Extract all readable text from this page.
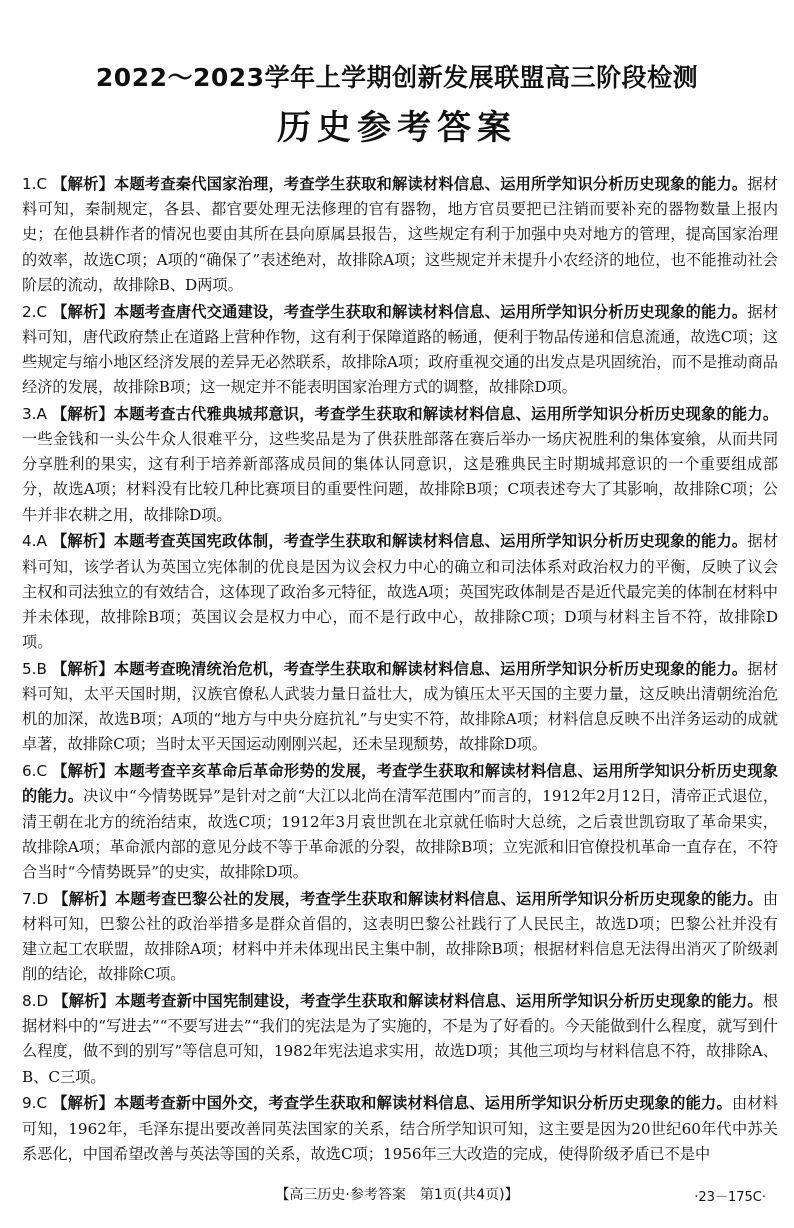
2022～2023学年上学期创新发展联盟高三阶段检测
历史参考答案

1.C 【解析】本题考查秦代国家治理，考查学生获取和解读材料信息、运用所学知识分析历史现象的能力。据材料可知，秦制规定，各县、都官要处理无法修理的官有器物，地方官员要把已注销而要补充的器物数量上报内史；在他县耕作者的情况也要由其所在县向原属县报告，这些规定有利于加强中央对地方的管理，提高国家治理的效率，故选C项；A项的“确保了”表述绝对，故排除A项；这些规定并未提升小农经济的地位，也不能推动社会阶层的流动，故排除B、D两项。

2.C 【解析】本题考查唐代交通建设，考查学生获取和解读材料信息、运用所学知识分析历史现象的能力。据材料可知，唐代政府禁止在道路上营种作物，这有利于保障道路的畅通，便利于物品传递和信息流通，故选C项；这些规定与缩小地区经济发展的差异无必然联系，故排除A项；政府重视交通的出发点是巩固统治，而不是推动商品经济的发展，故排除B项；这一规定并不能表明国家治理方式的调整，故排除D项。

3.A 【解析】本题考查古代雅典城邦意识，考查学生获取和解读材料信息、运用所学知识分析历史现象的能力。一些金钱和一头公牛众人很难平分，这些奖品是为了供获胜部落在赛后举办一场庆祝胜利的集体宴飨，从而共同分享胜利的果实，这有利于培养新部落成员间的集体认同意识，这是雅典民主时期城邦意识的一个重要组成部分，故选A项；材料没有比较几种比赛项目的重要性问题，故排除B项；C项表述夸大了其影响，故排除C项；公牛并非农耕之用，故排除D项。

4.A 【解析】本题考查英国宪政体制，考查学生获取和解读材料信息、运用所学知识分析历史现象的能力。据材料可知，该学者认为英国立宪体制的优良是因为议会权力中心的确立和司法体系对政治权力的平衡，反映了议会主权和司法独立的有效结合，这体现了政治多元特征，故选A项；英国宪政体制是否是近代最完美的体制在材料中并未体现，故排除B项；英国议会是权力中心，而不是行政中心，故排除C项；D项与材料主旨不符，故排除D项。

5.B 【解析】本题考查晚清统治危机，考查学生获取和解读材料信息、运用所学知识分析历史现象的能力。据材料可知，太平天国时期，汉族官僚私人武装力量日益壮大，成为镇压太平天国的主要力量，这反映出清朝统治危机的加深，故选B项；A项的“地方与中央分庭抗礼”与史实不符，故排除A项；材料信息反映不出洋务运动的成就卓著，故排除C项；当时太平天国运动刚刚兴起，还未呈现颓势，故排除D项。

6.C 【解析】本题考查辛亥革命后革命形势的发展，考查学生获取和解读材料信息、运用所学知识分析历史现象的能力。决议中“今情势既异”是针对之前“大江以北尚在清军范围内”而言的，1912年2月12日，清帝正式退位，清王朝在北方的统治结束，故选C项；1912年3月袁世凯在北京就任临时大总统，之后袁世凯窃取了革命果实，故排除A项；革命派内部的意见分歧不等于革命派的分裂，故排除B项；立宪派和旧官僚投机革命一直存在，不符合当时“今情势既异”的史实，故排除D项。

7.D 【解析】本题考查巴黎公社的发展，考查学生获取和解读材料信息、运用所学知识分析历史现象的能力。由材料可知，巴黎公社的政治举措多是群众首倡的，这表明巴黎公社践行了人民民主，故选D项；巴黎公社并没有建立起工农联盟，故排除A项；材料中并未体现出民主集中制，故排除B项；根据材料信息无法得出消灭了阶级剥削的结论，故排除C项。

8.D 【解析】本题考查新中国宪制建设，考查学生获取和解读材料信息、运用所学知识分析历史现象的能力。根据材料中的“写进去”“不要写进去”“我们的宪法是为了实施的，不是为了好看的。今天能做到什么程度，就写到什么程度，做不到的别写”等信息可知，1982年宪法追求实用，故选D项；其他三项均与材料信息不符，故排除A、B、C三项。

9.C 【解析】本题考查新中国外交，考查学生获取和解读材料信息、运用所学知识分析历史现象的能力。由材料可知，1962年，毛泽东提出要改善同英法国家的关系，结合所学知识可知，这主要是因为20世纪60年代中苏关系恶化，中国希望改善与英法等国的关系，故选C项；1956年三大改造的完成，使得阶级矛盾已不是中

【高三历史·参考答案　第1页(共4页)】	·23－175C·
